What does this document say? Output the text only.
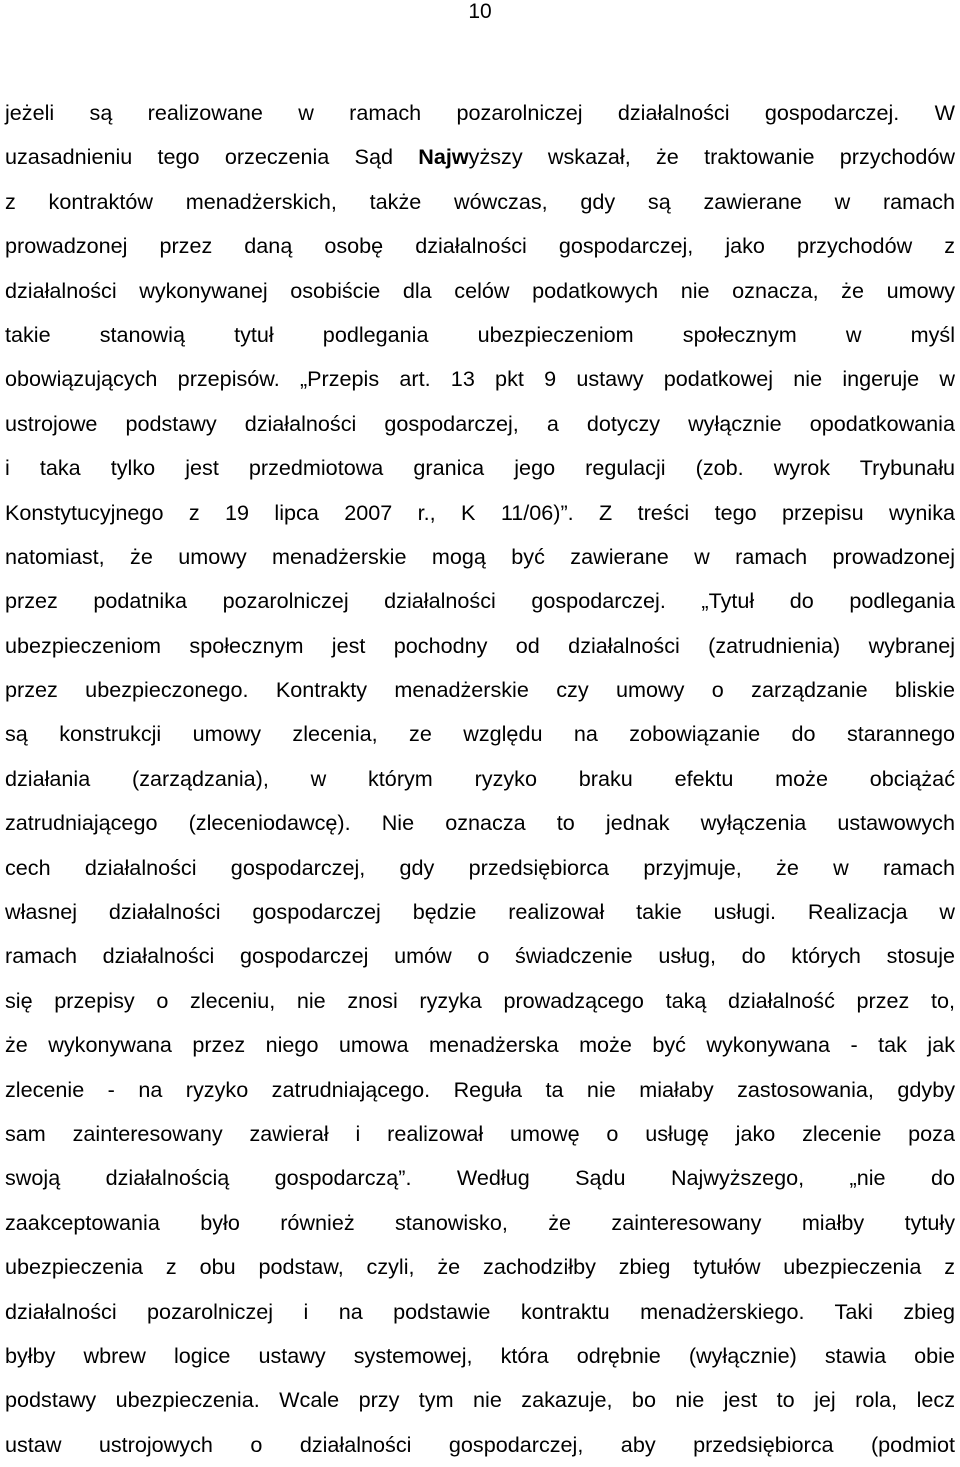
10
jeżeli są realizowane w ramach pozarolniczej działalności gospodarczej. W
uzasadnieniu tego orzeczenia Sąd Najwyższy wskazał, że traktowanie przychodów
z kontraktów menadżerskich, także wówczas, gdy są zawierane w ramach
prowadzonej przez daną osobę działalności gospodarczej, jako przychodów z
działalności wykonywanej osobiście dla celów podatkowych nie oznacza, że umowy
takie stanowią tytuł podlegania ubezpieczeniom społecznym w myśl
obowiązujących przepisów. „Przepis art. 13 pkt 9 ustawy podatkowej nie ingeruje w
ustrojowe podstawy działalności gospodarczej, a dotyczy wyłącznie opodatkowania
i taka tylko jest przedmiotowa granica jego regulacji (zob. wyrok Trybunału
Konstytucyjnego z 19 lipca 2007 r., K 11/06)”. Z treści tego przepisu wynika
natomiast, że umowy menadżerskie mogą być zawierane w ramach prowadzonej
przez podatnika pozarolniczej działalności gospodarczej. „Tytuł do podlegania
ubezpieczeniom społecznym jest pochodny od działalności (zatrudnienia) wybranej
przez ubezpieczonego. Kontrakty menadżerskie czy umowy o zarządzanie bliskie
są konstrukcji umowy zlecenia, ze względu na zobowiązanie do starannego
działania (zarządzania), w którym ryzyko braku efektu może obciążać
zatrudniającego (zleceniodawcę). Nie oznacza to jednak wyłączenia ustawowych
cech działalności gospodarczej, gdy przedsiębiorca przyjmuje, że w ramach
własnej działalności gospodarczej będzie realizował takie usługi. Realizacja w
ramach działalności gospodarczej umów o świadczenie usług, do których stosuje
się przepisy o zleceniu, nie znosi ryzyka prowadzącego taką działalność przez to,
że wykonywana przez niego umowa menadżerska może być wykonywana - tak jak
zlecenie - na ryzyko zatrudniającego. Reguła ta nie miałaby zastosowania, gdyby
sam zainteresowany zawierał i realizował umowę o usługę jako zlecenie poza
swoją działalnością gospodarczą”. Według Sądu Najwyższego, „nie do
zaakceptowania było również stanowisko, że zainteresowany miałby tytuły
ubezpieczenia z obu podstaw, czyli, że zachodziłby zbieg tytułów ubezpieczenia z
działalności pozarolniczej i na podstawie kontraktu menadżerskiego. Taki zbieg
byłby wbrew logice ustawy systemowej, która odrębnie (wyłącznie) stawia obie
podstawy ubezpieczenia. Wcale przy tym nie zakazuje, bo nie jest to jej rola, lecz
ustaw ustrojowych o działalności gospodarczej, aby przedsiębiorca (podmiot
